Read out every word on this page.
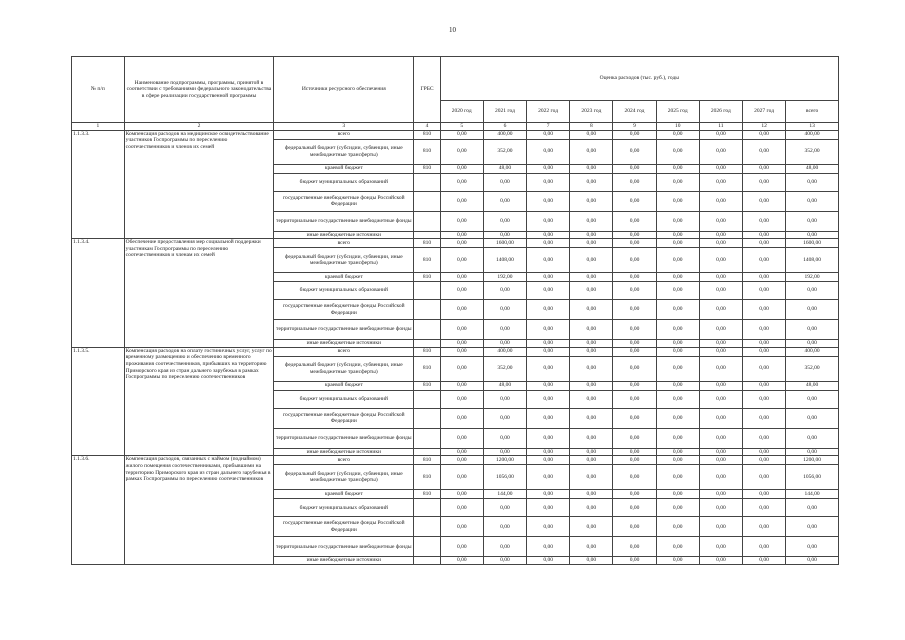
10
№ п/п	Наименование подпрограммы, программы, принятой в соответствии с требованиями федерального законодательства в сфере реализации государственной программы	Источники ресурсного обеспечения	ГРБС	Оценка расходов (тыс. руб.), годы								
				2020 год	2021 год	2022 год	2023 год	2024 год	2025 год	2026 год	2027 год	всего
1	2	3	4	5	6	7	8	9	10	11	12	13
1.1.3.3.	Компенсация расходов на медицинское освидетельствование участников Госпрограммы по переселению соотечественников и членов их семей	всего	810	0,00	400,00	0,00	0,00	0,00	0,00	0,00	0,00	400,00
		федеральный бюджет (субсидии, субвенции, иные межбюджетные трансферты)	810	0,00	352,00	0,00	0,00	0,00	0,00	0,00	0,00	352,00
		краевой бюджет	810	0,00	48,00	0,00	0,00	0,00	0,00	0,00	0,00	48,00
		бюджет муниципальных образований		0,00	0,00	0,00	0,00	0,00	0,00	0,00	0,00	0,00
		государственные внебюджетные фонды Российской Федерации		0,00	0,00	0,00	0,00	0,00	0,00	0,00	0,00	0,00
		территориальные государственные внебюджетные фонды		0,00	0,00	0,00	0,00	0,00	0,00	0,00	0,00	0,00
		иные внебюджетные источники		0,00	0,00	0,00	0,00	0,00	0,00	0,00	0,00	0,00
1.1.3.4.	Обеспечение предоставления мер социальной поддержки участникам Госпрограммы по переселению соотечественников и членам их семей	всего	810	0,00	1600,00	0,00	0,00	0,00	0,00	0,00	0,00	1600,00
		федеральный бюджет (субсидии, субвенции, иные межбюджетные трансферты)	810	0,00	1408,00	0,00	0,00	0,00	0,00	0,00	0,00	1408,00
		краевой бюджет	810	0,00	192,00	0,00	0,00	0,00	0,00	0,00	0,00	192,00
		бюджет муниципальных образований		0,00	0,00	0,00	0,00	0,00	0,00	0,00	0,00	0,00
		государственные внебюджетные фонды Российской Федерации		0,00	0,00	0,00	0,00	0,00	0,00	0,00	0,00	0,00
		территориальные государственные внебюджетные фонды		0,00	0,00	0,00	0,00	0,00	0,00	0,00	0,00	0,00
		иные внебюджетные источники		0,00	0,00	0,00	0,00	0,00	0,00	0,00	0,00	0,00
1.1.3.5.	Компенсация расходов на оплату гостиничных услуг, услуг по временному размещению и обеспечению временного проживания соотечественников, прибывших на территорию Приморского края из стран дальнего зарубежья в рамках Госпрограммы по переселению соотечественников	всего	810	0,00	400,00	0,00	0,00	0,00	0,00	0,00	0,00	400,00
		федеральный бюджет (субсидии, субвенции, иные межбюджетные трансферты)	810	0,00	352,00	0,00	0,00	0,00	0,00	0,00	0,00	352,00
		краевой бюджет	810	0,00	48,00	0,00	0,00	0,00	0,00	0,00	0,00	48,00
		бюджет муниципальных образований		0,00	0,00	0,00	0,00	0,00	0,00	0,00	0,00	0,00
		государственные внебюджетные фонды Российской Федерации		0,00	0,00	0,00	0,00	0,00	0,00	0,00	0,00	0,00
		территориальные государственные внебюджетные фонды		0,00	0,00	0,00	0,00	0,00	0,00	0,00	0,00	0,00
		иные внебюджетные источники		0,00	0,00	0,00	0,00	0,00	0,00	0,00	0,00	0,00
1.1.3.6.	Компенсация расходов, связанных с наймом (поднаймом) жилого помещения соотечественниками, прибывшими на территорию Приморского края из стран дальнего зарубежья в рамках Госпрограммы по переселению соотечественников	всего	810	0,00	1200,00	0,00	0,00	0,00	0,00	0,00	0,00	1200,00
		федеральный бюджет (субсидии, субвенции, иные межбюджетные трансферты)	810	0,00	1056,00	0,00	0,00	0,00	0,00	0,00	0,00	1056,00
		краевой бюджет	810	0,00	144,00	0,00	0,00	0,00	0,00	0,00	0,00	144,00
		бюджет муниципальных образований		0,00	0,00	0,00	0,00	0,00	0,00	0,00	0,00	0,00
		государственные внебюджетные фонды Российской Федерации		0,00	0,00	0,00	0,00	0,00	0,00	0,00	0,00	0,00
		территориальные государственные внебюджетные фонды		0,00	0,00	0,00	0,00	0,00	0,00	0,00	0,00	0,00
		иные внебюджетные источники		0,00	0,00	0,00	0,00	0,00	0,00	0,00	0,00	0,00
